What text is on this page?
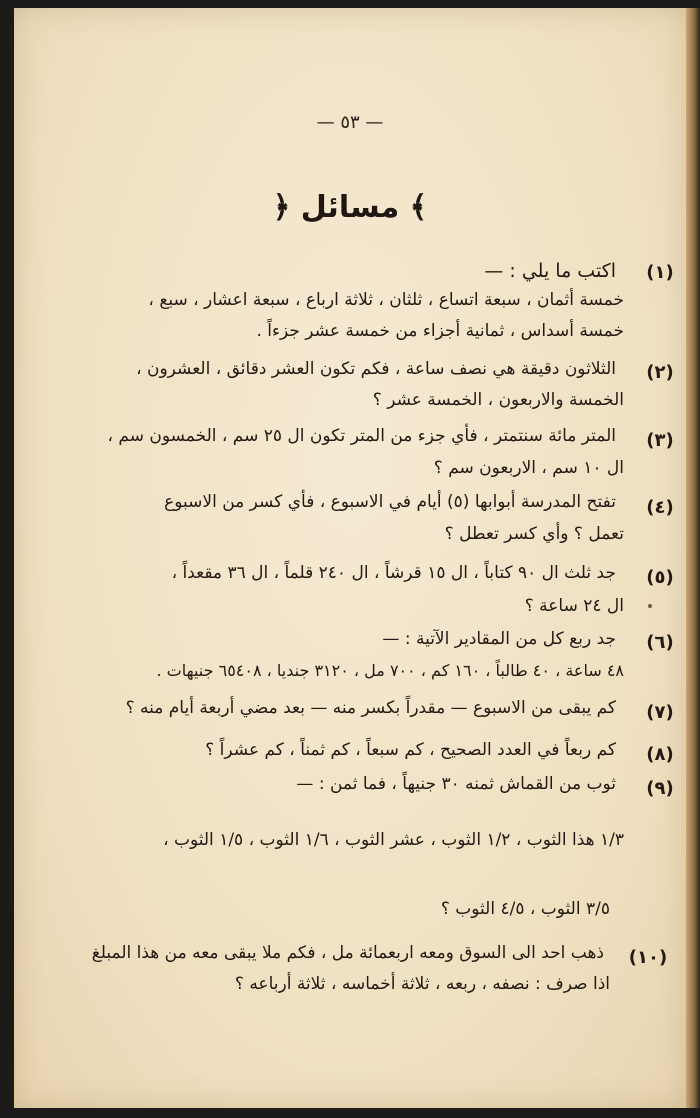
— ٥٣ —
﴿ مسائل ﴾
(١)
اكتب ما يلي : —
خمسة أثمان ، سبعة اتساع ، ثلثان ، ثلاثة ارباع ، سبعة اعشار ، سبع ،
خمسة أسداس ، ثمانية أجزاء من خمسة عشر جزءاً .
(٢)
الثلاثون دقيقة هي نصف ساعة ، فكم تكون العشر دقائق ، العشرون ،
الخمسة والاربعون ، الخمسة عشر ؟
(٣)
المتر مائة سنتمتر ، فأي جزء من المتر تكون ال ٢٥ سم ، الخمسون سم ،
ال ١٠ سم ، الاربعون سم ؟
(٤)
تفتح المدرسة أبوابها (٥) أيام في الاسبوع ، فأي كسر من الاسبوع
تعمل ؟ وأي كسر تعطل ؟
(٥)
جد ثلث ال ٩٠ كتاباً ، ال ١٥ قرشاً ، ال ٢٤٠ قلماً ، ال ٣٦ مقعداً ،
ال ٢٤ ساعة ؟
(٦)
جد ربع كل من المقادير الآتية : —
٤٨ ساعة ، ٤٠ طالباً ، ١٦٠ كم ، ٧٠٠ مل ، ٣١٢٠ جنديا ، ٦٥٤٠٨ جنيهات .
(٧)
كم يبقى من الاسبوع — مقدراً بكسر منه — بعد مضي أربعة أيام منه ؟
(٨)
كم ربعاً في العدد الصحيح ، كم سبعاً ، كم ثمناً ، كم عشراً ؟
(٩)
ثوب من القماش ثمنه ٣٠ جنيهاً ، فما ثمن : —
١/٣ هذا الثوب ، ١/٢ الثوب ، عشر الثوب ، ١/٦ الثوب ، ١/٥ الثوب ،
٣/٥ الثوب ، ٤/٥ الثوب ؟
(١٠)
ذهب احد الى السوق ومعه اربعمائة مل ، فكم ملا يبقى معه من هذا المبلغ
اذا صرف : نصفه ، ربعه ، ثلاثة أخماسه ، ثلاثة أرباعه ؟
